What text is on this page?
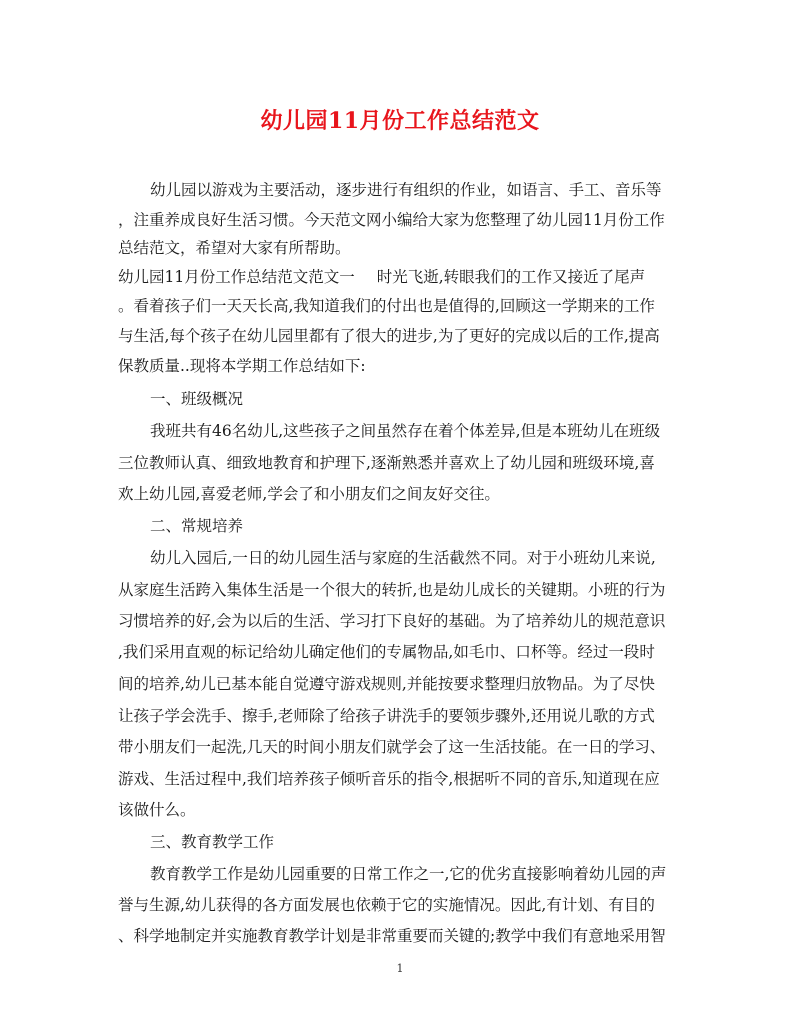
幼儿园11月份工作总结范文
幼儿园以游戏为主要活动，逐步进行有组织的作业，如语言、手工、音乐等
，注重养成良好生活习惯。今天范文网小编给大家为您整理了幼儿园11月份工作
总结范文，希望对大家有所帮助。
幼儿园11月份工作总结范文范文一 时光飞逝,转眼我们的工作又接近了尾声
。看着孩子们一天天长高,我知道我们的付出也是值得的,回顾这一学期来的工作
与生活,每个孩子在幼儿园里都有了很大的进步,为了更好的完成以后的工作,提高
保教质量..现将本学期工作总结如下:
一、班级概况
我班共有46名幼儿,这些孩子之间虽然存在着个体差异,但是本班幼儿在班级
三位教师认真、细致地教育和护理下,逐渐熟悉并喜欢上了幼儿园和班级环境,喜
欢上幼儿园,喜爱老师,学会了和小朋友们之间友好交往。
二、常规培养
幼儿入园后,一日的幼儿园生活与家庭的生活截然不同。对于小班幼儿来说,
从家庭生活跨入集体生活是一个很大的转折,也是幼儿成长的关键期。小班的行为
习惯培养的好,会为以后的生活、学习打下良好的基础。为了培养幼儿的规范意识
,我们采用直观的标记给幼儿确定他们的专属物品,如毛巾、口杯等。经过一段时
间的培养,幼儿已基本能自觉遵守游戏规则,并能按要求整理归放物品。为了尽快
让孩子学会洗手、擦手,老师除了给孩子讲洗手的要领步骤外,还用说儿歌的方式
带小朋友们一起洗,几天的时间小朋友们就学会了这一生活技能。在一日的学习、
游戏、生活过程中,我们培养孩子倾听音乐的指令,根据听不同的音乐,知道现在应
该做什么。
三、教育教学工作
教育教学工作是幼儿园重要的日常工作之一,它的优劣直接影响着幼儿园的声
誉与生源,幼儿获得的各方面发展也依赖于它的实施情况。因此,有计划、有目的
、科学地制定并实施教育教学计划是非常重要而关键的;教学中我们有意地采用智
1
